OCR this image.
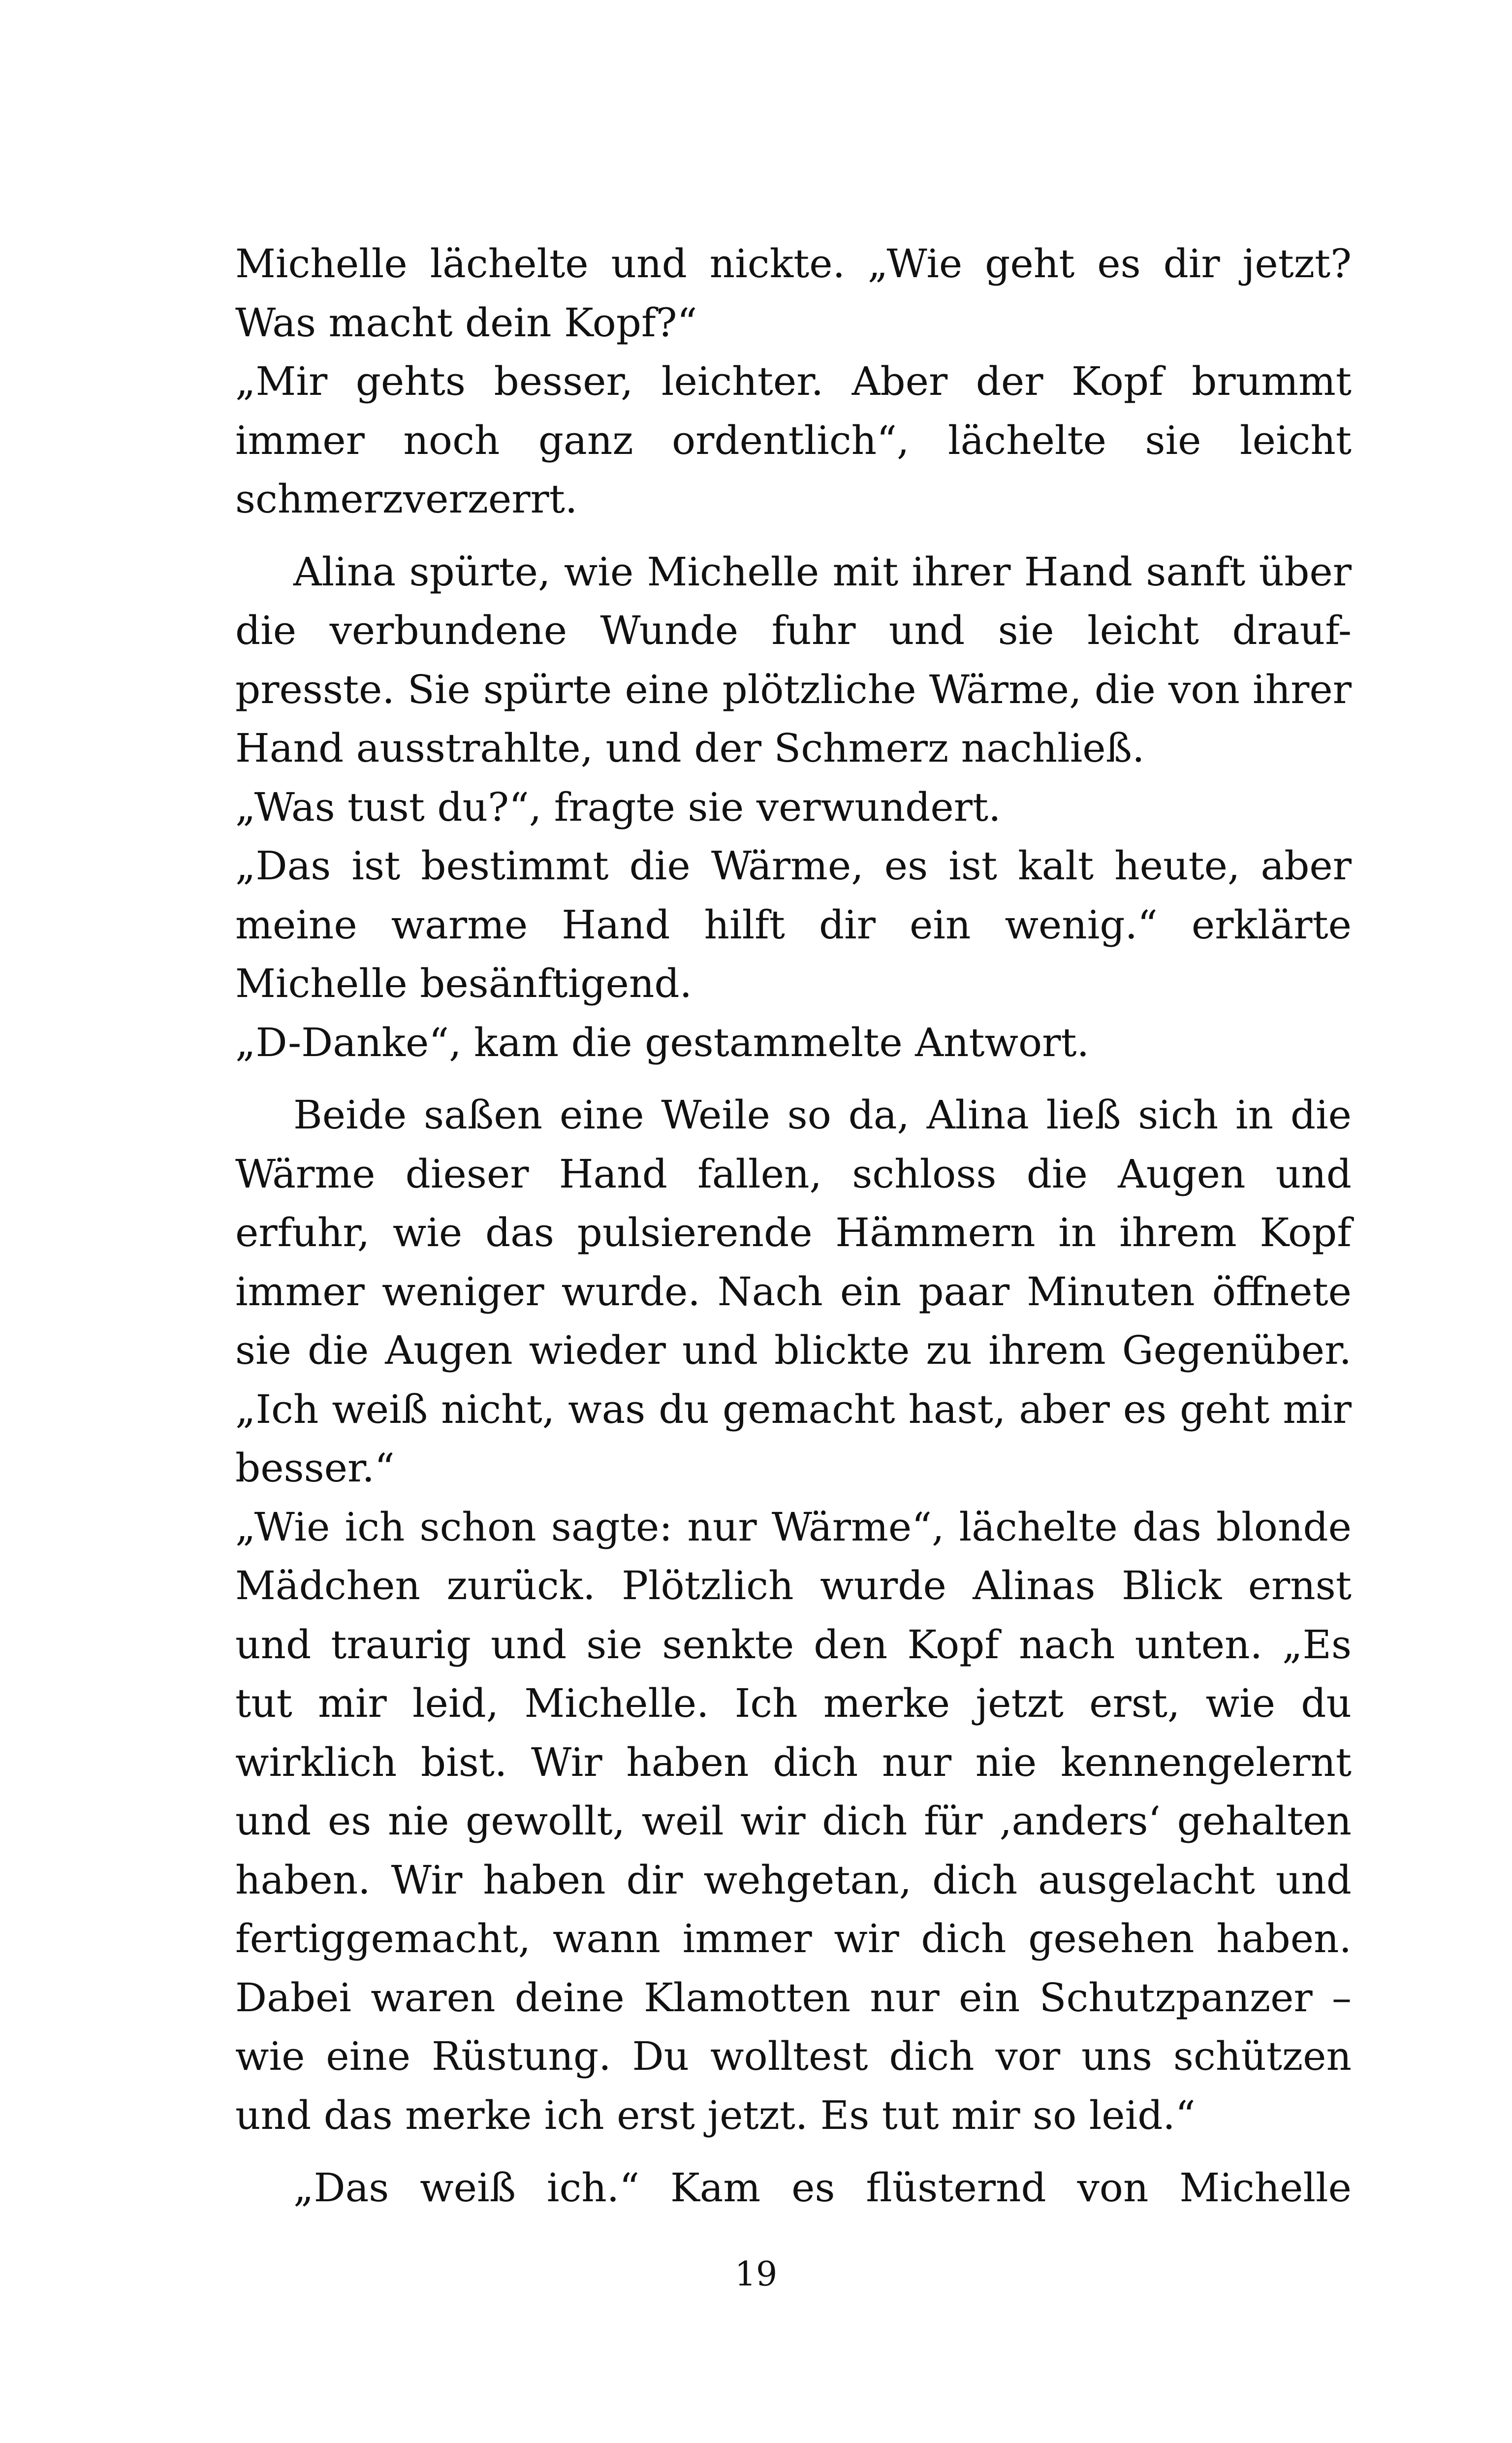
Michelle lächelte und nickte. „Wie geht es dir jetzt?
Was macht dein Kopf?“
„Mir gehts besser, leichter. Aber der Kopf brummt
immer noch ganz ordentlich“, lächelte sie leicht
schmerzverzerrt.
Alina spürte, wie Michelle mit ihrer Hand sanft über
die verbundene Wunde fuhr und sie leicht drauf-
presste. Sie spürte eine plötzliche Wärme, die von ihrer
Hand ausstrahlte, und der Schmerz nachließ.
„Was tust du?“, fragte sie verwundert.
„Das ist bestimmt die Wärme, es ist kalt heute, aber
meine warme Hand hilft dir ein wenig.“ erklärte
Michelle besänftigend.
„D-Danke“, kam die gestammelte Antwort.
Beide saßen eine Weile so da, Alina ließ sich in die
Wärme dieser Hand fallen, schloss die Augen und
erfuhr, wie das pulsierende Hämmern in ihrem Kopf
immer weniger wurde. Nach ein paar Minuten öffnete
sie die Augen wieder und blickte zu ihrem Gegenüber.
„Ich weiß nicht, was du gemacht hast, aber es geht mir
besser.“
„Wie ich schon sagte: nur Wärme“, lächelte das blonde
Mädchen zurück. Plötzlich wurde Alinas Blick ernst
und traurig und sie senkte den Kopf nach unten. „Es
tut mir leid, Michelle. Ich merke jetzt erst, wie du
wirklich bist. Wir haben dich nur nie kennengelernt
und es nie gewollt, weil wir dich für ‚anders‘ gehalten
haben. Wir haben dir wehgetan, dich ausgelacht und
fertiggemacht, wann immer wir dich gesehen haben.
Dabei waren deine Klamotten nur ein Schutzpanzer –
wie eine Rüstung. Du wolltest dich vor uns schützen
und das merke ich erst jetzt. Es tut mir so leid.“
„Das weiß ich.“ Kam es flüsternd von Michelle
19
